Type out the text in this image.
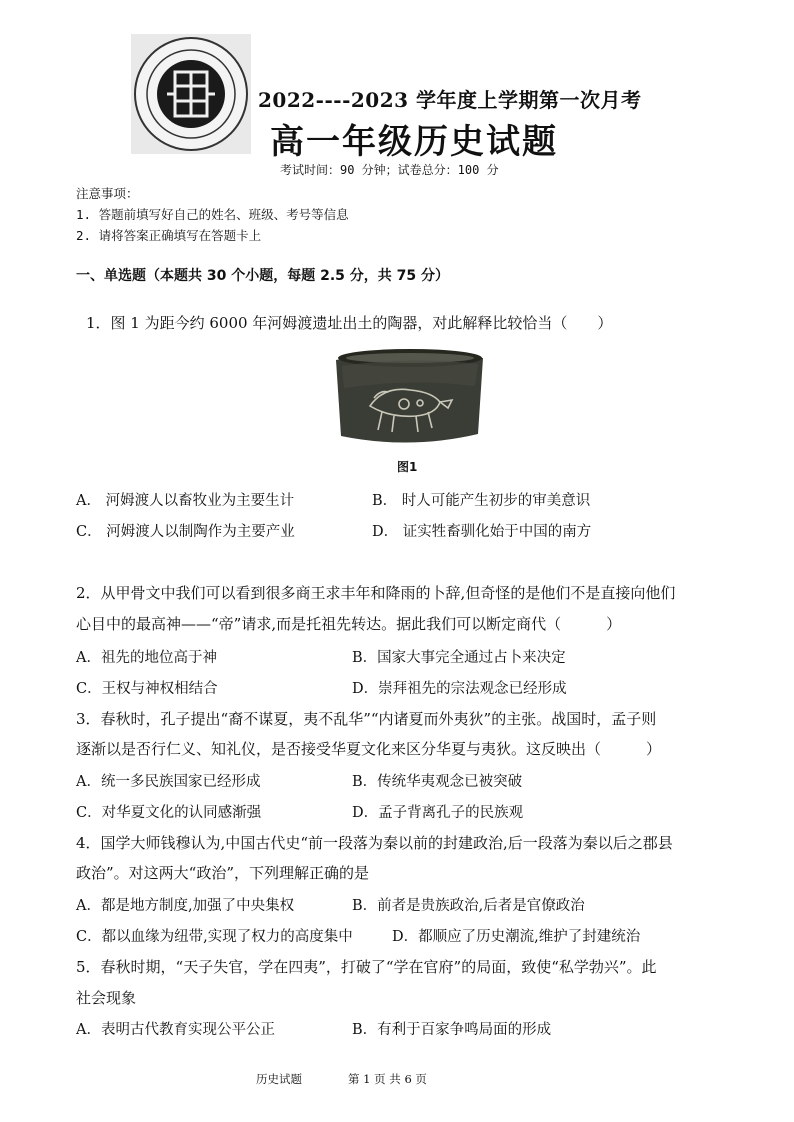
2022----2023 学年度上学期第一次月考
高一年级历史试题
考试时间：90 分钟；试卷总分：100 分
注意事项：
1. 答题前填写好自己的姓名、班级、考号等信息
2. 请将答案正确填写在答题卡上
一、单选题（本题共 30 个小题，每题 2.5 分，共 75 分）
1．图 1 为距今约 6000 年河姆渡遗址出土的陶器，对此解释比较恰当（　　）
图1
A． 河姆渡人以畜牧业为主要生计	B． 时人可能产生初步的审美意识
C． 河姆渡人以制陶作为主要产业	D． 证实牲畜驯化始于中国的南方
2．从甲骨文中我们可以看到很多商王求丰年和降雨的卜辞,但奇怪的是他们不是直接向他们
心目中的最高神——“帝”请求,而是托祖先转达。据此我们可以断定商代（　　　）
A．祖先的地位高于神	B．国家大事完全通过占卜来决定
C．王权与神权相结合	D．崇拜祖先的宗法观念已经形成
3．春秋时，孔子提出“裔不谋夏，夷不乱华”“内诸夏而外夷狄”的主张。战国时，孟子则
逐渐以是否行仁义、知礼仪，是否接受华夏文化来区分华夏与夷狄。这反映出（　　　）
A．统一多民族国家已经形成	B．传统华夷观念已被突破
C．对华夏文化的认同感渐强	D．孟子背离孔子的民族观
4．国学大师钱穆认为,中国古代史“前一段落为秦以前的封建政治,后一段落为秦以后之郡县
政治”。对这两大“政治”，下列理解正确的是
A．都是地方制度,加强了中央集权	B．前者是贵族政治,后者是官僚政治
C．都以血缘为纽带,实现了权力的高度集中	D．都顺应了历史潮流,维护了封建统治
5．春秋时期，“天子失官，学在四夷”，打破了“学在官府”的局面，致使“私学勃兴”。此
社会现象
A．表明古代教育实现公平公正	B．有利于百家争鸣局面的形成
历史试题	第 1 页 共 6 页
